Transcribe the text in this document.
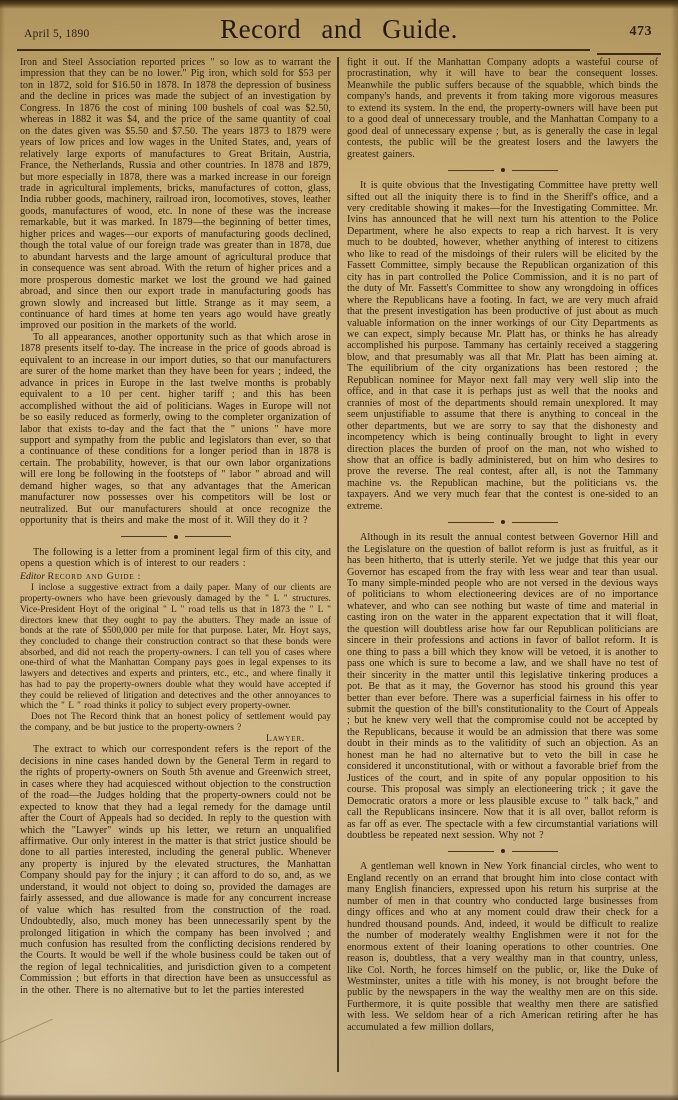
April 5, 1890	Record and Guide.	473

Iron and Steel Association reported prices " so low as to warrant the impression that they can be no lower." Pig iron, which sold for $53 per ton in 1872, sold for $16.50 in 1878. In 1878 the depression of business and the decline in prices was made the subject of an investigation by Congress. In 1876 the cost of mining 100 bushels of coal was $2.50, whereas in 1882 it was $4, and the price of the same quantity of coal on the dates given was $5.50 and $7.50. The years 1873 to 1879 were years of low prices and low wages in the United States, and, years of relatively large exports of manufactures to Great Britain, Austria, France, the Netherlands, Russia and other countries. In 1878 and 1879, but more especially in 1878, there was a marked increase in our foreign trade in agricultural implements, bricks, manufactures of cotton, glass, India rubber goods, machinery, railroad iron, locomotives, stoves, leather goods, manufactures of wood, etc. In none of these was the increase remarkable, but it was marked. In 1879—the beginning of better times, higher prices and wages—our exports of manufacturing goods declined, though the total value of our foreign trade was greater than in 1878, due to abundant harvests and the large amount of agricultural produce that in consequence was sent abroad. With the return of higher prices and a more prosperous domestic market we lost the ground we had gained abroad, and since then our export trade in manufacturing goods has grown slowly and increased but little. Strange as it may seem, a continuance of hard times at home ten years ago would have greatly improved our position in the markets of the world.

To all appearances, another opportunity such as that which arose in 1878 presents itself to-day. The increase in the price of goods abroad is equivalent to an increase in our import duties, so that our manufacturers are surer of the home market than they have been for years ; indeed, the advance in prices in Europe in the last twelve months is probably equivalent to a 10 per cent. higher tariff ; and this has been accomplished without the aid of politicians. Wages in Europe will not be so easily reduced as formerly, owing to the completer organization of labor that exists to-day and the fact that the " unions " have more support and sympathy from the public and legislators than ever, so that a continuance of these conditions for a longer period than in 1878 is certain. The probability, however, is that our own labor organizations will ere long be following in the footsteps of " labor " abroad and will demand higher wages, so that any advantages that the American manufacturer now possesses over his competitors will be lost or neutralized. But our manufacturers should at once recognize the opportunity that is theirs and make the most of it. Will they do it ?

The following is a letter from a prominent legal firm of this city, and opens a question which is of interest to our readers :

Editor Record and Guide :

I inclose a suggestive extract from a daily paper. Many of our clients are property-owners who have been grievously damaged by the " L " structures. Vice-President Hoyt of the original " L " road tells us that in 1873 the " L " directors knew that they ought to pay the abutters. They made an issue of bonds at the rate of $500,000 per mile for that purpose. Later, Mr. Hoyt says, they concluded to change their construction contract so that these bonds were absorbed, and did not reach the property-owners. I can tell you of cases where one-third of what the Manhattan Company pays goes in legal expenses to its lawyers and detectives and experts and printers, etc., etc., and where finally it has had to pay the property-owners double what they would have accepted if they could be relieved of litigation and detectives and the other annoyances to which the " L " road thinks it policy to subject every property-owner.

Does not The Record think that an honest policy of settlement would pay the company, and be but justice to the property-owners ?

Lawyer.

The extract to which our correspondent refers is the report of the decisions in nine cases handed down by the General Term in regard to the rights of property-owners on South 5th avenue and Greenwich street, in cases where they had acquiesced without objection to the construction of the road—the Judges holding that the property-owners could not be expected to know that they had a legal remedy for the damage until after the Court of Appeals had so decided. In reply to the question with which the "Lawyer" winds up his letter, we return an unqualified affirmative. Our only interest in the matter is that strict justice should be done to all parties interested, including the general public. Whenever any property is injured by the elevated structures, the Manhattan Company should pay for the injury ; it can afford to do so, and, as we understand, it would not object to doing so, provided the damages are fairly assessed, and due allowance is made for any concurrent increase of value which has resulted from the construction of the road. Undoubtedly, also, much money has been unnecessarily spent by the prolonged litigation in which the company has been involved ; and much confusion has resulted from the conflicting decisions rendered by the Courts. It would be well if the whole business could be taken out of the region of legal technicalities, and jurisdiction given to a competent Commission ; but efforts in that direction have been as unsuccessful as in the other. There is no alternative but to let the parties interested

fight it out. If the Manhattan Company adopts a wasteful course of procrastination, why it will have to bear the consequent losses. Meanwhile the public suffers because of the squabble, which binds the company's hands, and prevents it from taking more vigorous measures to extend its system. In the end, the property-owners will have been put to a good deal of unnecessary trouble, and the Manhattan Company to a good deal of unnecessary expense ; but, as is generally the case in legal contests, the public will be the greatest losers and the lawyers the greatest gainers.

It is quite obvious that the Investigating Committee have pretty well sifted out all the iniquity there is to find in the Sheriff's office, and a very creditable showing it makes—for the Investigating Committee. Mr. Ivins has announced that he will next turn his attention to the Police Department, where he also expects to reap a rich harvest. It is very much to be doubted, however, whether anything of interest to citizens who like to read of the misdoings of their rulers will be elicited by the Fassett Committee, simply because the Republican organization of this city has in part controlled the Police Commission, and it is no part of the duty of Mr. Fassett's Committee to show any wrongdoing in offices where the Republicans have a footing. In fact, we are very much afraid that the present investigation has been productive of just about as much valuable information on the inner workings of our City Departments as we can expect, simply because Mr. Platt has, or thinks he has already accomplished his purpose. Tammany has certainly received a staggering blow, and that presumably was all that Mr. Platt has been aiming at. The equilibrium of the city organizations has been restored ; the Republican nominee for Mayor next fall may very well slip into the office, and in that case it is perhaps just as well that the nooks and crannies of most of the departments should remain unexplored. It may seem unjustifiable to assume that there is anything to conceal in the other departments, but we are sorry to say that the dishonesty and incompetency which is being continually brought to light in every direction places the burden of proof on the man, not who wished to show that an office is badly administered, but on him who desires to prove the reverse. The real contest, after all, is not the Tammany machine vs. the Republican machine, but the politicians vs. the taxpayers. And we very much fear that the contest is one-sided to an extreme.

Although in its result the annual contest between Governor Hill and the Legislature on the question of ballot reform is just as fruitful, as it has been hitherto, that is utterly sterile. Yet we judge that this year our Governor has escaped from the fray with less wear and tear than usual. To many simple-minded people who are not versed in the devious ways of politicians to whom electioneering devices are of no importance whatever, and who can see nothing but waste of time and material in casting iron on the water in the apparent expectation that it will float, the question will doubtless arise how far our Republican politicians are sincere in their professions and actions in favor of ballot reform. It is one thing to pass a bill which they know will be vetoed, it is another to pass one which is sure to become a law, and we shall have no test of their sincerity in the matter until this legislative tinkering produces a pot. Be that as it may, the Governor has stood his ground this year better than ever before. There was a superficial fairness in his offer to submit the question of the bill's constitutionality to the Court of Appeals ; but he knew very well that the compromise could not be accepted by the Republicans, because it would be an admission that there was some doubt in their minds as to the valitidity of such an objection. As an honest man he had no alternative but to veto the bill in case he considered it unconstitutional, with or without a favorable brief from the Justices of the court, and in spite of any popular opposition to his course. This proposal was simply an electioneering trick ; it gave the Democratic orators a more or less plausible excuse to " talk back," and call the Republicans insincere. Now that it is all over, ballot reform is as far off as ever. The spectacle with a few circumstantial variations will doubtless be repeated next session. Why not ?

A gentleman well known in New York financial circles, who went to England recently on an errand that brought him into close contact with many English financiers, expressed upon his return his surprise at the number of men in that country who conducted large businesses from dingy offices and who at any moment could draw their check for a hundred thousand pounds. And, indeed, it would be difficult to realize the number of moderately wealthy Englishmen were it not for the enormous extent of their loaning operations to other countries. One reason is, doubtless, that a very wealthy man in that country, unless, like Col. North, he forces himself on the public, or, like the Duke of Westminster, unites a title with his money, is not brought before the public by the newspapers in the way the wealthy men are on this side. Furthermore, it is quite possible that wealthy men there are satisfied with less. We seldom hear of a rich American retiring after he has accumulated a few million dollars,
